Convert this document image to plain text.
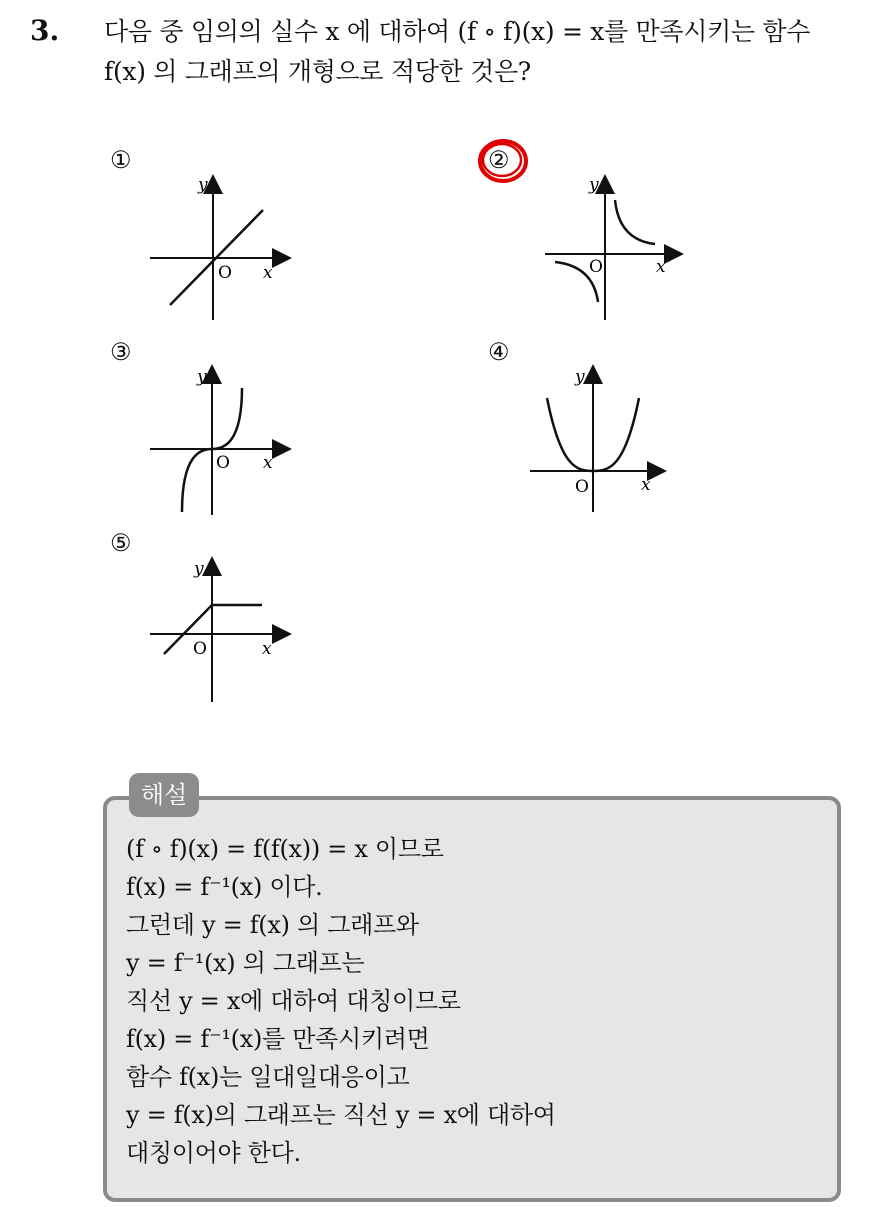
3. 다음 중 임의의 실수 x 에 대하여 (f ∘ f)(x) = x를 만족시키는 함수
f(x) 의 그래프의 개형으로 적당한 것은?
①
y
O x
②
y
O	x
③
y
O x
④
y
O	x
⑤
y
O	x
해설
(f ∘ f)(x) = f(f(x)) = x 이므로
f(x) = f⁻¹(x) 이다.
그런데 y = f(x) 의 그래프와
y = f⁻¹(x) 의 그래프는
직선 y = x에 대하여 대칭이므로
f(x) = f⁻¹(x)를 만족시키려면
함수 f(x)는 일대일대응이고
y = f(x)의 그래프는 직선 y = x에 대하여
대칭이어야 한다.
